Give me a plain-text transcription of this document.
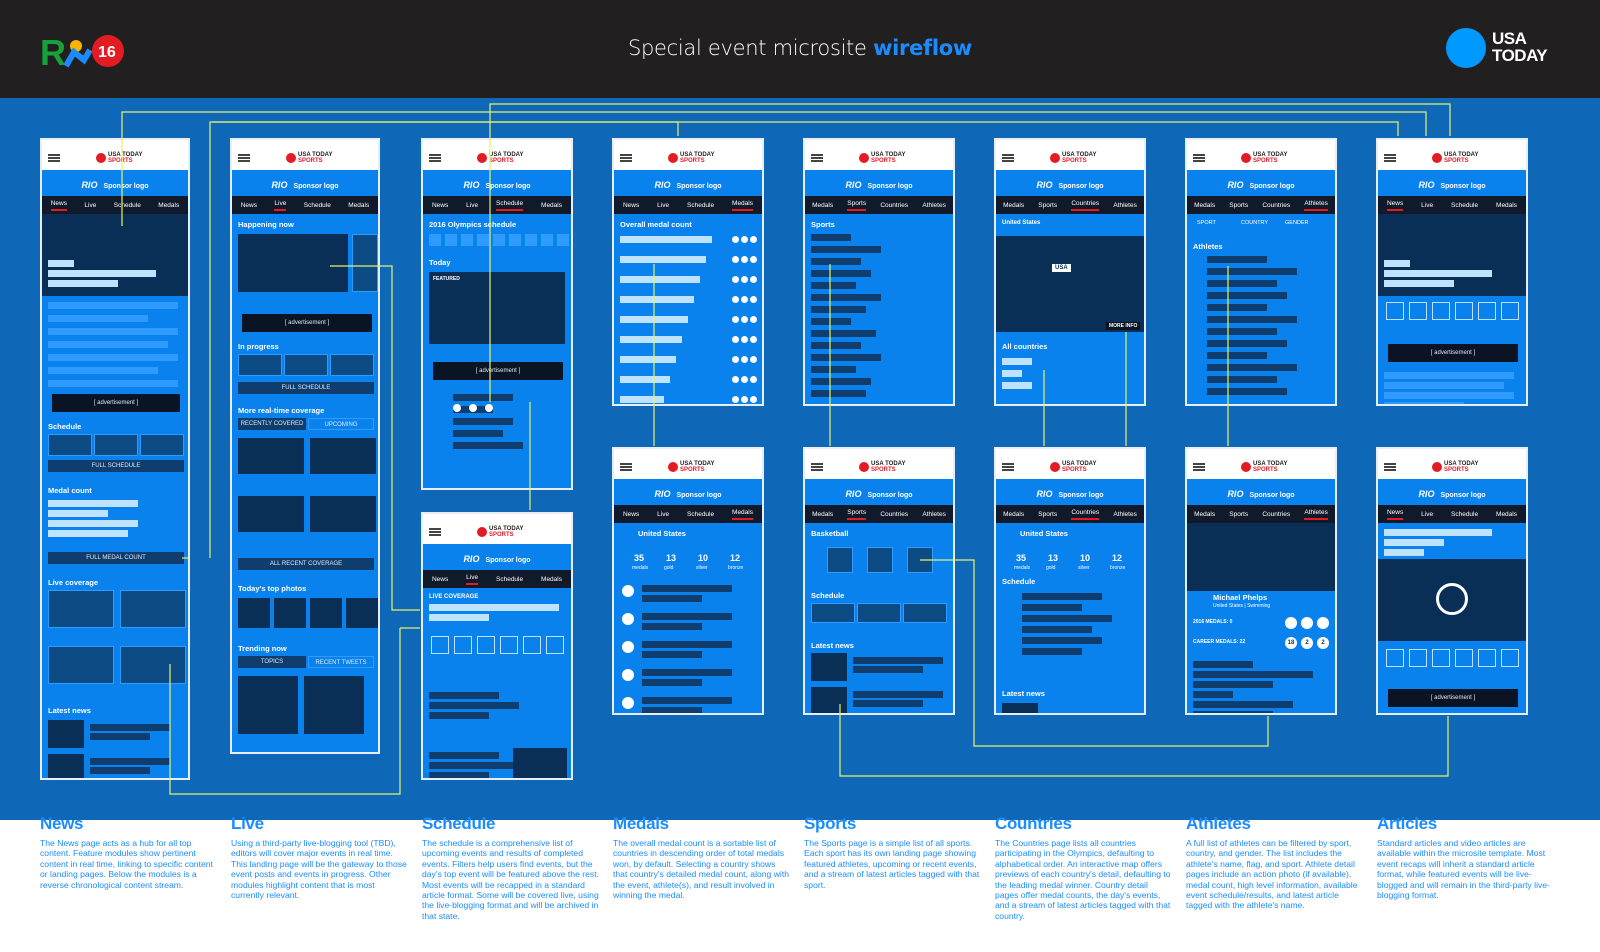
R 16	Special event microsite wireflow	USA
TODAY
USA TODAY
SPORTS
RIO Sponsor logo
News	Live	Schedule	Medals
[ advertisement ]
Schedule
FULL SCHEDULE
Medal count
FULL MEDAL COUNT
Live coverage
Latest news
USA TODAY
SPORTS
RIO Sponsor logo
News	Live	Schedule	Medals
Happening now
[ advertisement ]
In progress
FULL SCHEDULE
More real-time coverage
RECENTLY COVERED	UPCOMING
ALL RECENT COVERAGE
Today's top photos
Trending now
TOPICS	RECENT TWEETS
USA TODAY
SPORTS
RIO Sponsor logo
News	Live	Schedule	Medals
2016 Olympics schedule
Today
FEATURED
[ advertisement ]
USA TODAY
SPORTS
RIO Sponsor logo
News	Live	Schedule	Medals
LIVE COVERAGE
USA TODAY
SPORTS
RIO Sponsor logo
News	Live	Schedule	Medals
Overall medal count
USA TODAY
SPORTS
RIO Sponsor logo
News	Live	Schedule	Medals
United States
35
medals
13
gold
10
silver
12
bronze
USA TODAY
SPORTS
RIO Sponsor logo
Medals Sports Countries Athletes
Sports
USA TODAY
SPORTS
RIO Sponsor logo
Medals Sports Countries Athletes
Basketball
Schedule
Latest news
USA TODAY
SPORTS
RIO Sponsor logo
Medals Sports Countries Athletes
United States
USA
MORE INFO
All countries
USA TODAY
SPORTS
RIO Sponsor logo
Medals Sports Countries Athletes
United States
35
medals
13
gold
10
silver
12
bronze
Schedule
Latest news
USA TODAY
SPORTS
RIO Sponsor logo
Medals Sports Countries Athletes
SPORT	COUNTRY	GENDER
Athletes
USA TODAY
SPORTS
RIO Sponsor logo
Medals Sports Countries Athletes
Michael Phelps
United States | Swimming
2016 MEDALS: 0
CAREER MEDALS: 22	18	2	2
USA TODAY
SPORTS
RIO Sponsor logo
News	Live	Schedule	Medals
[ advertisement ]
USA TODAY
SPORTS
RIO Sponsor logo
News	Live	Schedule	Medals
[ advertisement ]
News

The News page acts as a hub for all top content. Feature modules show pertinent content in real time, linking to specific content or landing pages. Below the modules is a reverse chronological content stream.

Live

Using a third-party live-blogging tool (TBD), editors will cover major events in real time. This landing page will be the gateway to those event posts and events in progress. Other modules highlight content that is most currently relevant.

Schedule

The schedule is a comprehensive list of upcoming events and results of completed events. Filters help users find events, but the day's top event will be featured above the rest. Most events will be recapped in a standard article format. Some will be covered live, using the live-blogging format and will be archived in that state.

Medals

The overall medal count is a sortable list of countries in descending order of total medals won, by default. Selecting a country shows that country's detailed medal count, along with the event, athlete(s), and result involved in winning the medal.

Sports

The Sports page is a simple list of all sports. Each sport has its own landing page showing featured athletes, upcoming or recent events, and a stream of latest articles tagged with that sport.

Countries

The Countries page lists all countries participating in the Olympics, defaulting to alphabetical order. An interactive map offers previews of each country's detail, defaulting to the leading medal winner. Country detail pages offer medal counts, the day's events, and a stream of latest articles tagged with that country.

Athletes

A full list of athletes can be filtered by sport, country, and gender. The list includes the athlete's name, flag, and sport. Athlete detail pages include an action photo (if available), medal count, high level information, available event schedule/results, and latest article tagged with the athlete's name.

Articles

Standard articles and video articles are available within the microsite template. Most event recaps will inherit a standard article format, while featured events will be live-blogged and will remain in the third-party live-blogging format.
